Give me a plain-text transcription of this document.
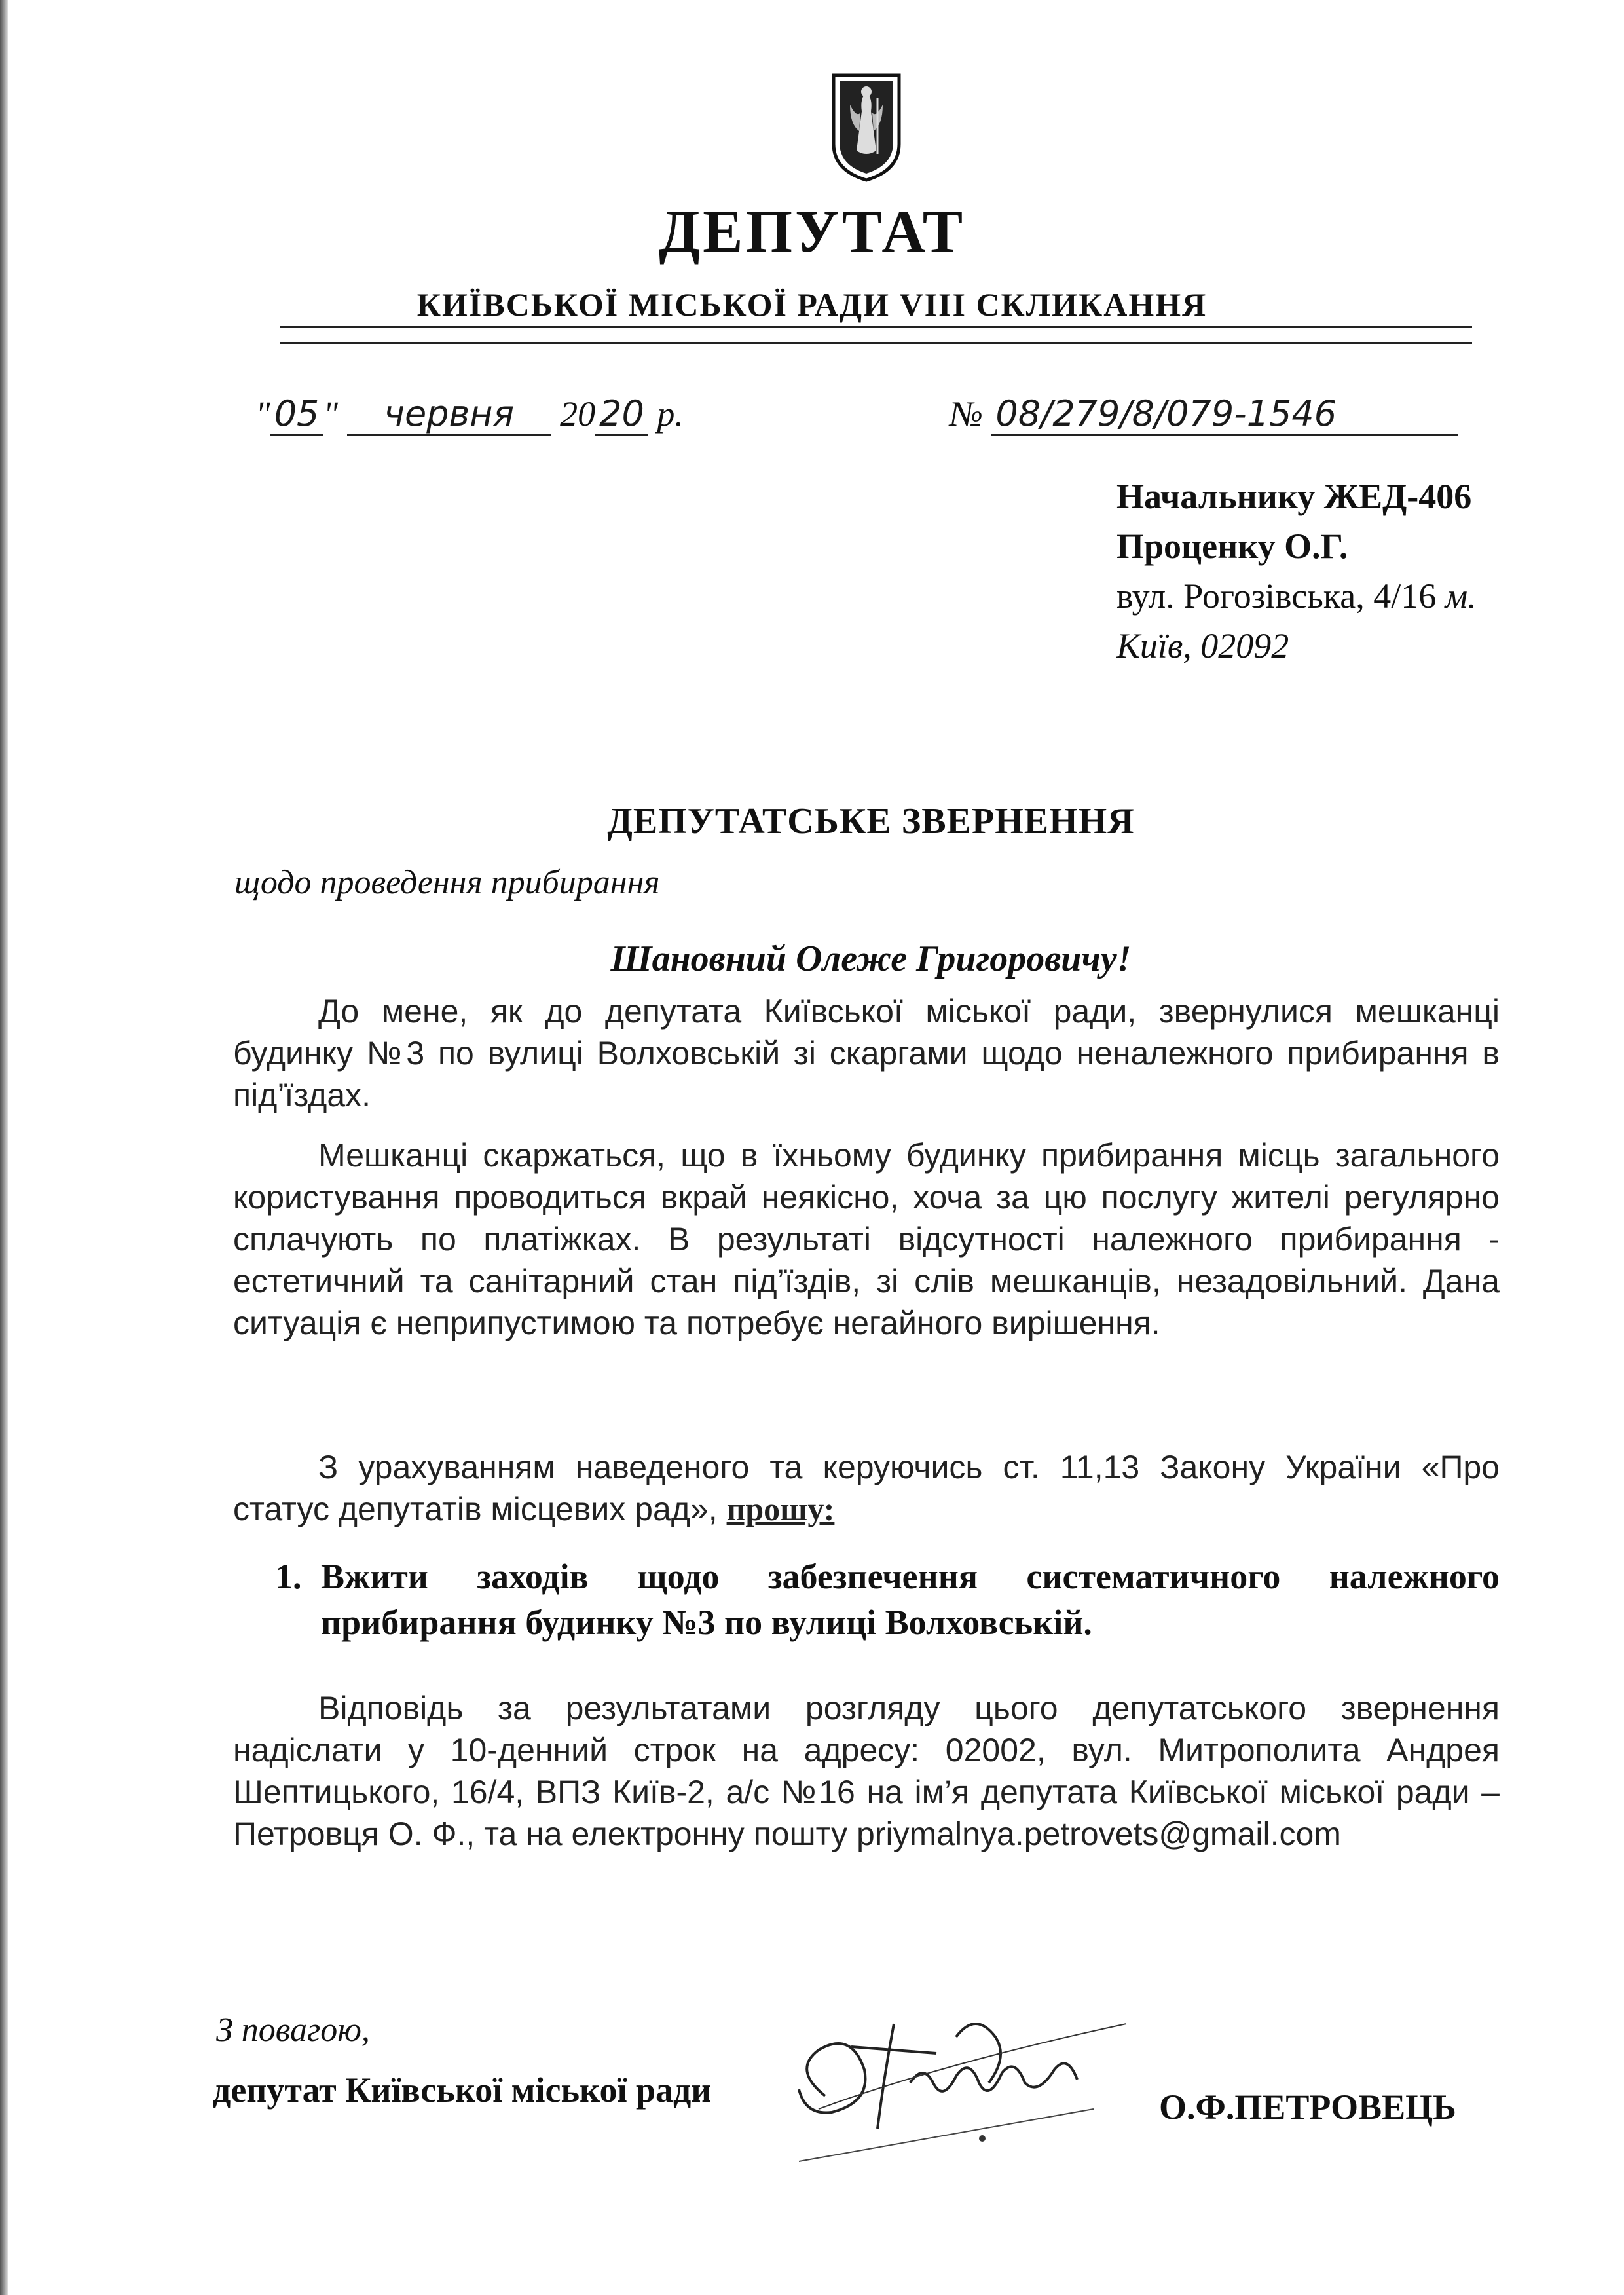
ДЕПУТАТ
КИЇВСЬКОЇ МІСЬКОЇ РАДИ VIII СКЛИКАННЯ
" 05 " червня 20 20 р.	№ 08/279/8/079-1546
Начальнику ЖЕД-406
Проценку О.Г.
вул. Рогозівська, 4/16 м.
Київ, 02092
ДЕПУТАТСЬКЕ ЗВЕРНЕННЯ
щодо проведення прибирання
Шановний Олеже Григоровичу!
До мене, як до депутата Київської міської ради, звернулися мешканці будинку №3 по вулиці Волховській зі скаргами щодо неналежного прибирання в під’їздах.
Мешканці скаржаться, що в їхньому будинку прибирання місць загального користування проводиться вкрай неякісно, хоча за цю послугу жителі регулярно сплачують по платіжках. В результаті відсутності належного прибирання - естетичний та санітарний стан під’їздів, зі слів мешканців, незадовільний. Дана ситуація є неприпустимою та потребує негайного вирішення.
З урахуванням наведеного та керуючись ст. 11,13 Закону України «Про статус депутатів місцевих рад», прошу:
1. Вжити заходів щодо забезпечення систематичного належного прибирання будинку №3 по вулиці Волховській.
Відповідь за результатами розгляду цього депутатського звернення надіслати у 10-денний строк на адресу: 02002, вул. Митрополита Андрея Шептицького, 16/4, ВПЗ Київ-2, а/с №16 на ім’я депутата Київської міської ради – Петровця О. Ф., та на електронну пошту priymalnya.petrovets@gmail.com
З повагою,
депутат Київської міської ради	О.Ф.ПЕТРОВЕЦЬ
